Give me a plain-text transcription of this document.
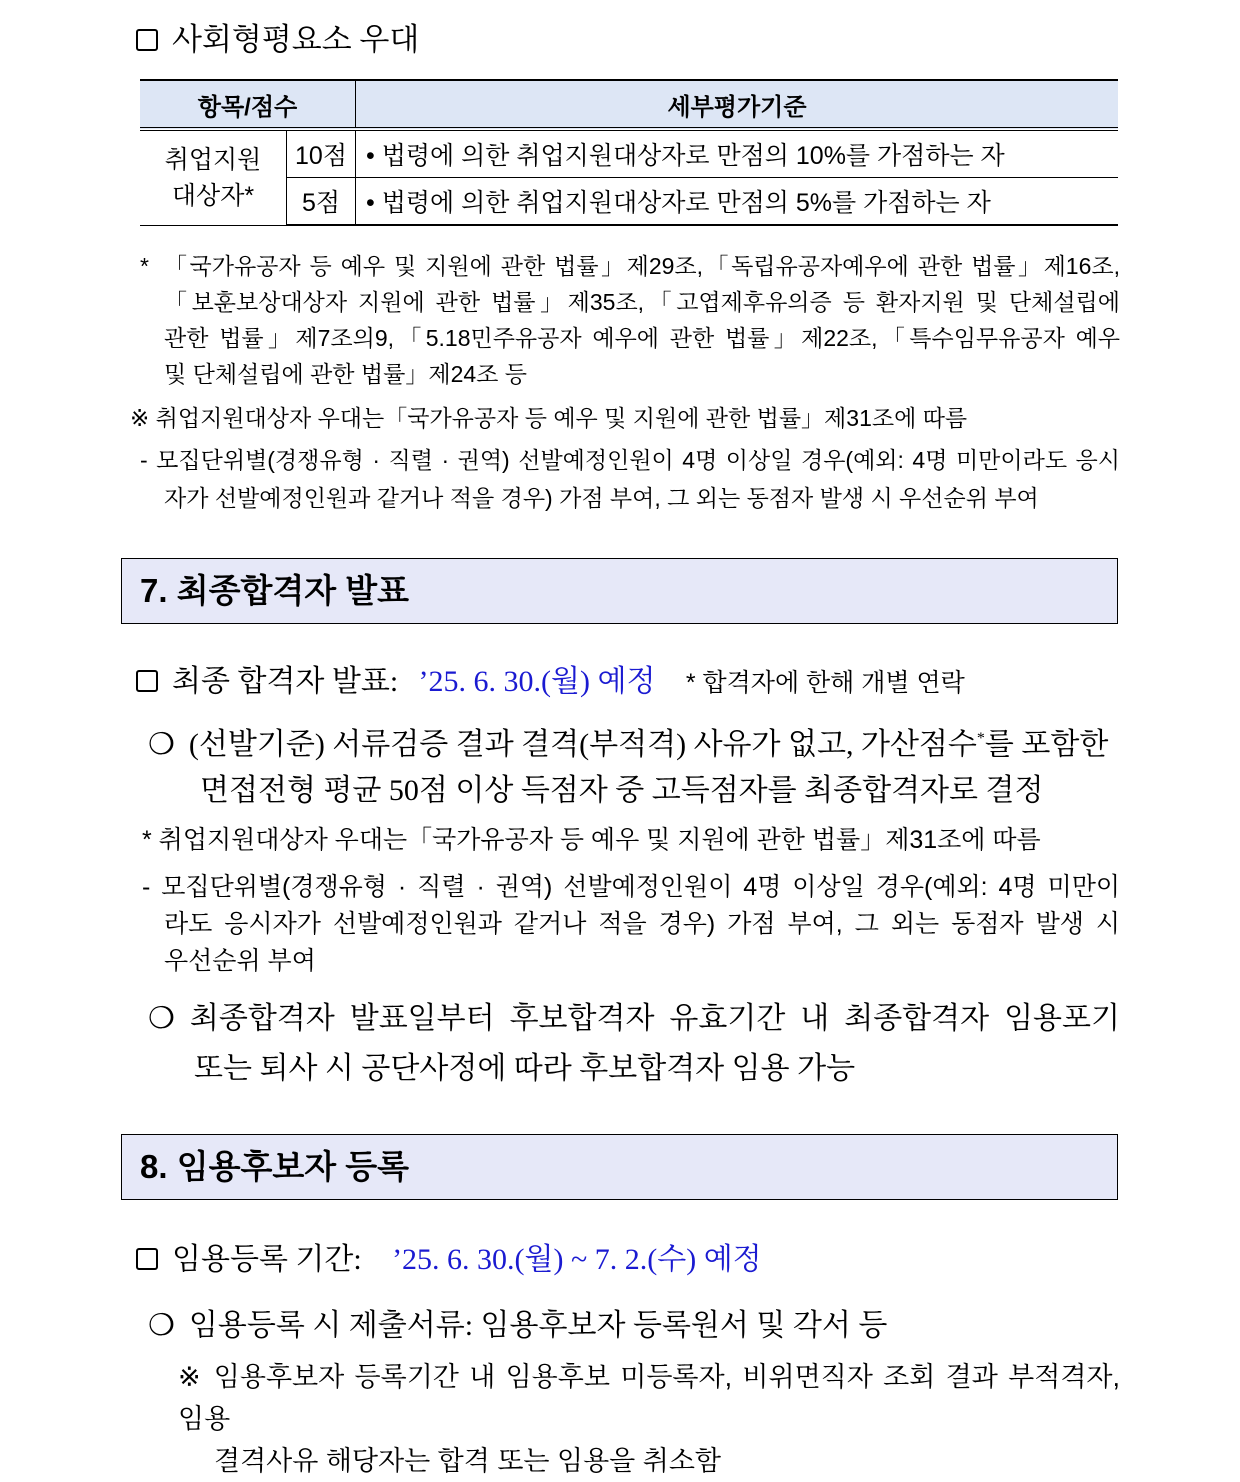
사회형평요소 우대
항목/점수		세부평가기준

취업지원
대상자*	10점	• 법령에 의한 취업지원대상자로 만점의 10%를 가점하는 자
	5점	• 법령에 의한 취업지원대상자로 만점의 5%를 가점하는 자
* 「국가유공자 등 예우 및 지원에 관한 법률」제29조,「독립유공자예우에 관한 법률」제16조,
「보훈보상대상자 지원에 관한 법률」제35조,「고엽제후유의증 등 환자지원 및 단체설립에
관한 법률」제7조의9,「5.18민주유공자 예우에 관한 법률」제22조,「특수임무유공자 예우
및 단체설립에 관한 법률」제24조 등
※ 취업지원대상자 우대는「국가유공자 등 예우 및 지원에 관한 법률」제31조에 따름
- 모집단위별(경쟁유형 · 직렬 · 권역) 선발예정인원이 4명 이상일 경우(예외: 4명 미만이라도 응시
자가 선발예정인원과 같거나 적을 경우) 가점 부여, 그 외는 동점자 발생 시 우선순위 부여
7. 최종합격자 발표
최종 합격자 발표: ’25. 6. 30.(월) 예정 * 합격자에 한해 개별 연락
❍ (선발기준) 서류검증 결과 결격(부적격) 사유가 없고, 가산점수*를 포함한
면접전형 평균 50점 이상 득점자 중 고득점자를 최종합격자로 결정
* 취업지원대상자 우대는「국가유공자 등 예우 및 지원에 관한 법률」제31조에 따름
- 모집단위별(경쟁유형 · 직렬 · 권역) 선발예정인원이 4명 이상일 경우(예외: 4명 미만이
라도 응시자가 선발예정인원과 같거나 적을 경우) 가점 부여, 그 외는 동점자 발생 시
우선순위 부여
❍ 최종합격자 발표일부터 후보합격자 유효기간 내 최종합격자 임용포기
또는 퇴사 시 공단사정에 따라 후보합격자 임용 가능
8. 임용후보자 등록
임용등록 기간: ’25. 6. 30.(월) ~ 7. 2.(수) 예정
❍ 임용등록 시 제출서류: 임용후보자 등록원서 및 각서 등
※ 임용후보자 등록기간 내 임용후보 미등록자, 비위면직자 조회 결과 부적격자, 임용
결격사유 해당자는 합격 또는 임용을 취소함
